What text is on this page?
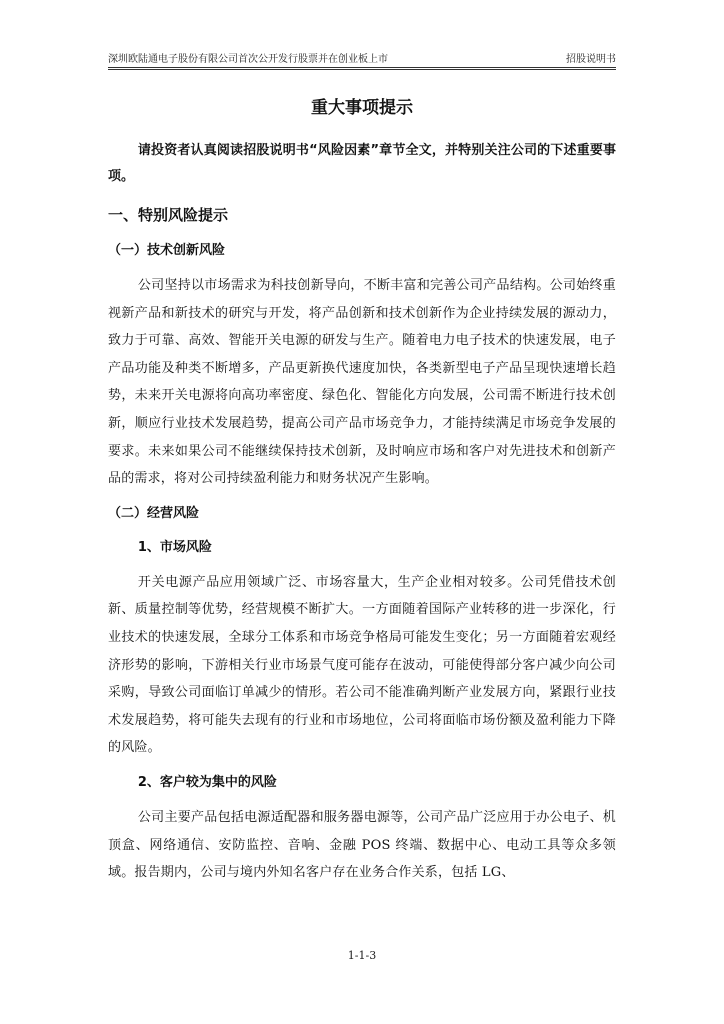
深圳欧陆通电子股份有限公司首次公开发行股票并在创业板上市	招股说明书
重大事项提示

请投资者认真阅读招股说明书“风险因素”章节全文，并特别关注公司的下述重要事项。

一、特别风险提示
（一）技术创新风险

公司坚持以市场需求为科技创新导向，不断丰富和完善公司产品结构。公司始终重视新产品和新技术的研究与开发，将产品创新和技术创新作为企业持续发展的源动力，致力于可靠、高效、智能开关电源的研发与生产。随着电力电子技术的快速发展，电子产品功能及种类不断增多，产品更新换代速度加快，各类新型电子产品呈现快速增长趋势，未来开关电源将向高功率密度、绿色化、智能化方向发展，公司需不断进行技术创新，顺应行业技术发展趋势，提高公司产品市场竞争力，才能持续满足市场竞争发展的要求。未来如果公司不能继续保持技术创新，及时响应市场和客户对先进技术和创新产品的需求，将对公司持续盈利能力和财务状况产生影响。

（二）经营风险
1、市场风险

开关电源产品应用领域广泛、市场容量大，生产企业相对较多。公司凭借技术创新、质量控制等优势，经营规模不断扩大。一方面随着国际产业转移的进一步深化，行业技术的快速发展，全球分工体系和市场竞争格局可能发生变化；另一方面随着宏观经济形势的影响，下游相关行业市场景气度可能存在波动，可能使得部分客户减少向公司采购，导致公司面临订单减少的情形。若公司不能准确判断产业发展方向，紧跟行业技术发展趋势，将可能失去现有的行业和市场地位，公司将面临市场份额及盈利能力下降的风险。

2、客户较为集中的风险

公司主要产品包括电源适配器和服务器电源等，公司产品广泛应用于办公电子、机顶盒、网络通信、安防监控、音响、金融 POS 终端、数据中心、电动工具等众多领域。报告期内，公司与境内外知名客户存在业务合作关系，包括 LG、

1-1-3
